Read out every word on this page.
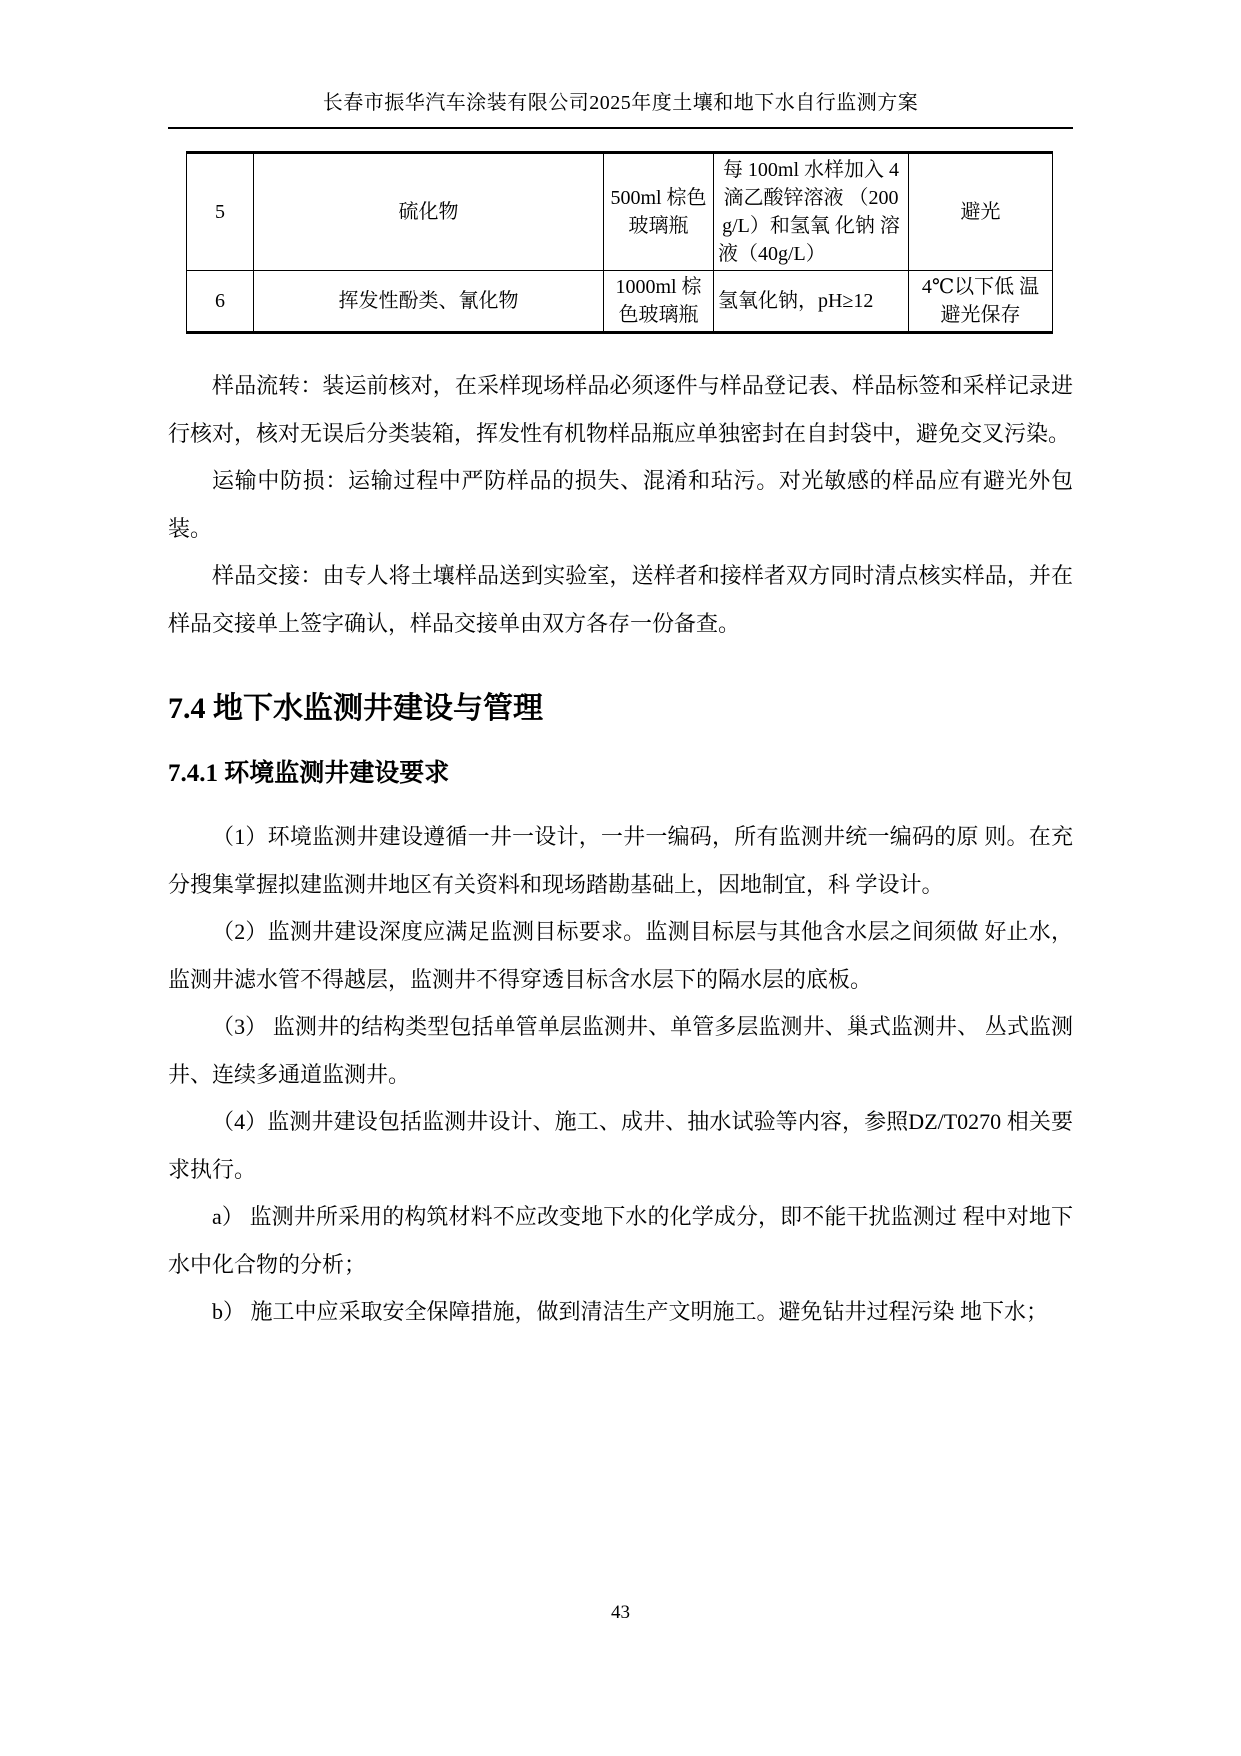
长春市振华汽车涂装有限公司2025年度土壤和地下水自行监测方案
5	硫化物	500ml 棕色玻璃瓶	每 100ml 水样加入 4 滴乙酸锌溶液 （200g/L）和氢氧 化钠 溶液（40g/L）	避光
6	挥发性酚类、氰化物	1000ml 棕色玻璃瓶	氢氧化钠，pH≥12	4℃以下低 温避光保存

样品流转：装运前核对，在采样现场样品必须逐件与样品登记表、样品标签和采样记录进行核对，核对无误后分类装箱，挥发性有机物样品瓶应单独密封在自封袋中，避免交叉污染。

运输中防损：运输过程中严防样品的损失、混淆和玷污。对光敏感的样品应有避光外包装。

样品交接：由专人将土壤样品送到实验室，送样者和接样者双方同时清点核实样品，并在样品交接单上签字确认，样品交接单由双方各存一份备查。

7.4 地下水监测井建设与管理
7.4.1 环境监测井建设要求

（1）环境监测井建设遵循一井一设计，一井一编码，所有监测井统一编码的原 则。在充分搜集掌握拟建监测井地区有关资料和现场踏勘基础上，因地制宜，科 学设计。

（2）监测井建设深度应满足监测目标要求。监测目标层与其他含水层之间须做 好止水，监测井滤水管不得越层，监测井不得穿透目标含水层下的隔水层的底板。

（3） 监测井的结构类型包括单管单层监测井、单管多层监测井、巢式监测井、 丛式监测井、连续多通道监测井。

（4）监测井建设包括监测井设计、施工、成井、抽水试验等内容，参照DZ/T0270 相关要求执行。

a） 监测井所采用的构筑材料不应改变地下水的化学成分，即不能干扰监测过 程中对地下水中化合物的分析；

b） 施工中应采取安全保障措施，做到清洁生产文明施工。避免钻井过程污染 地下水；

43
